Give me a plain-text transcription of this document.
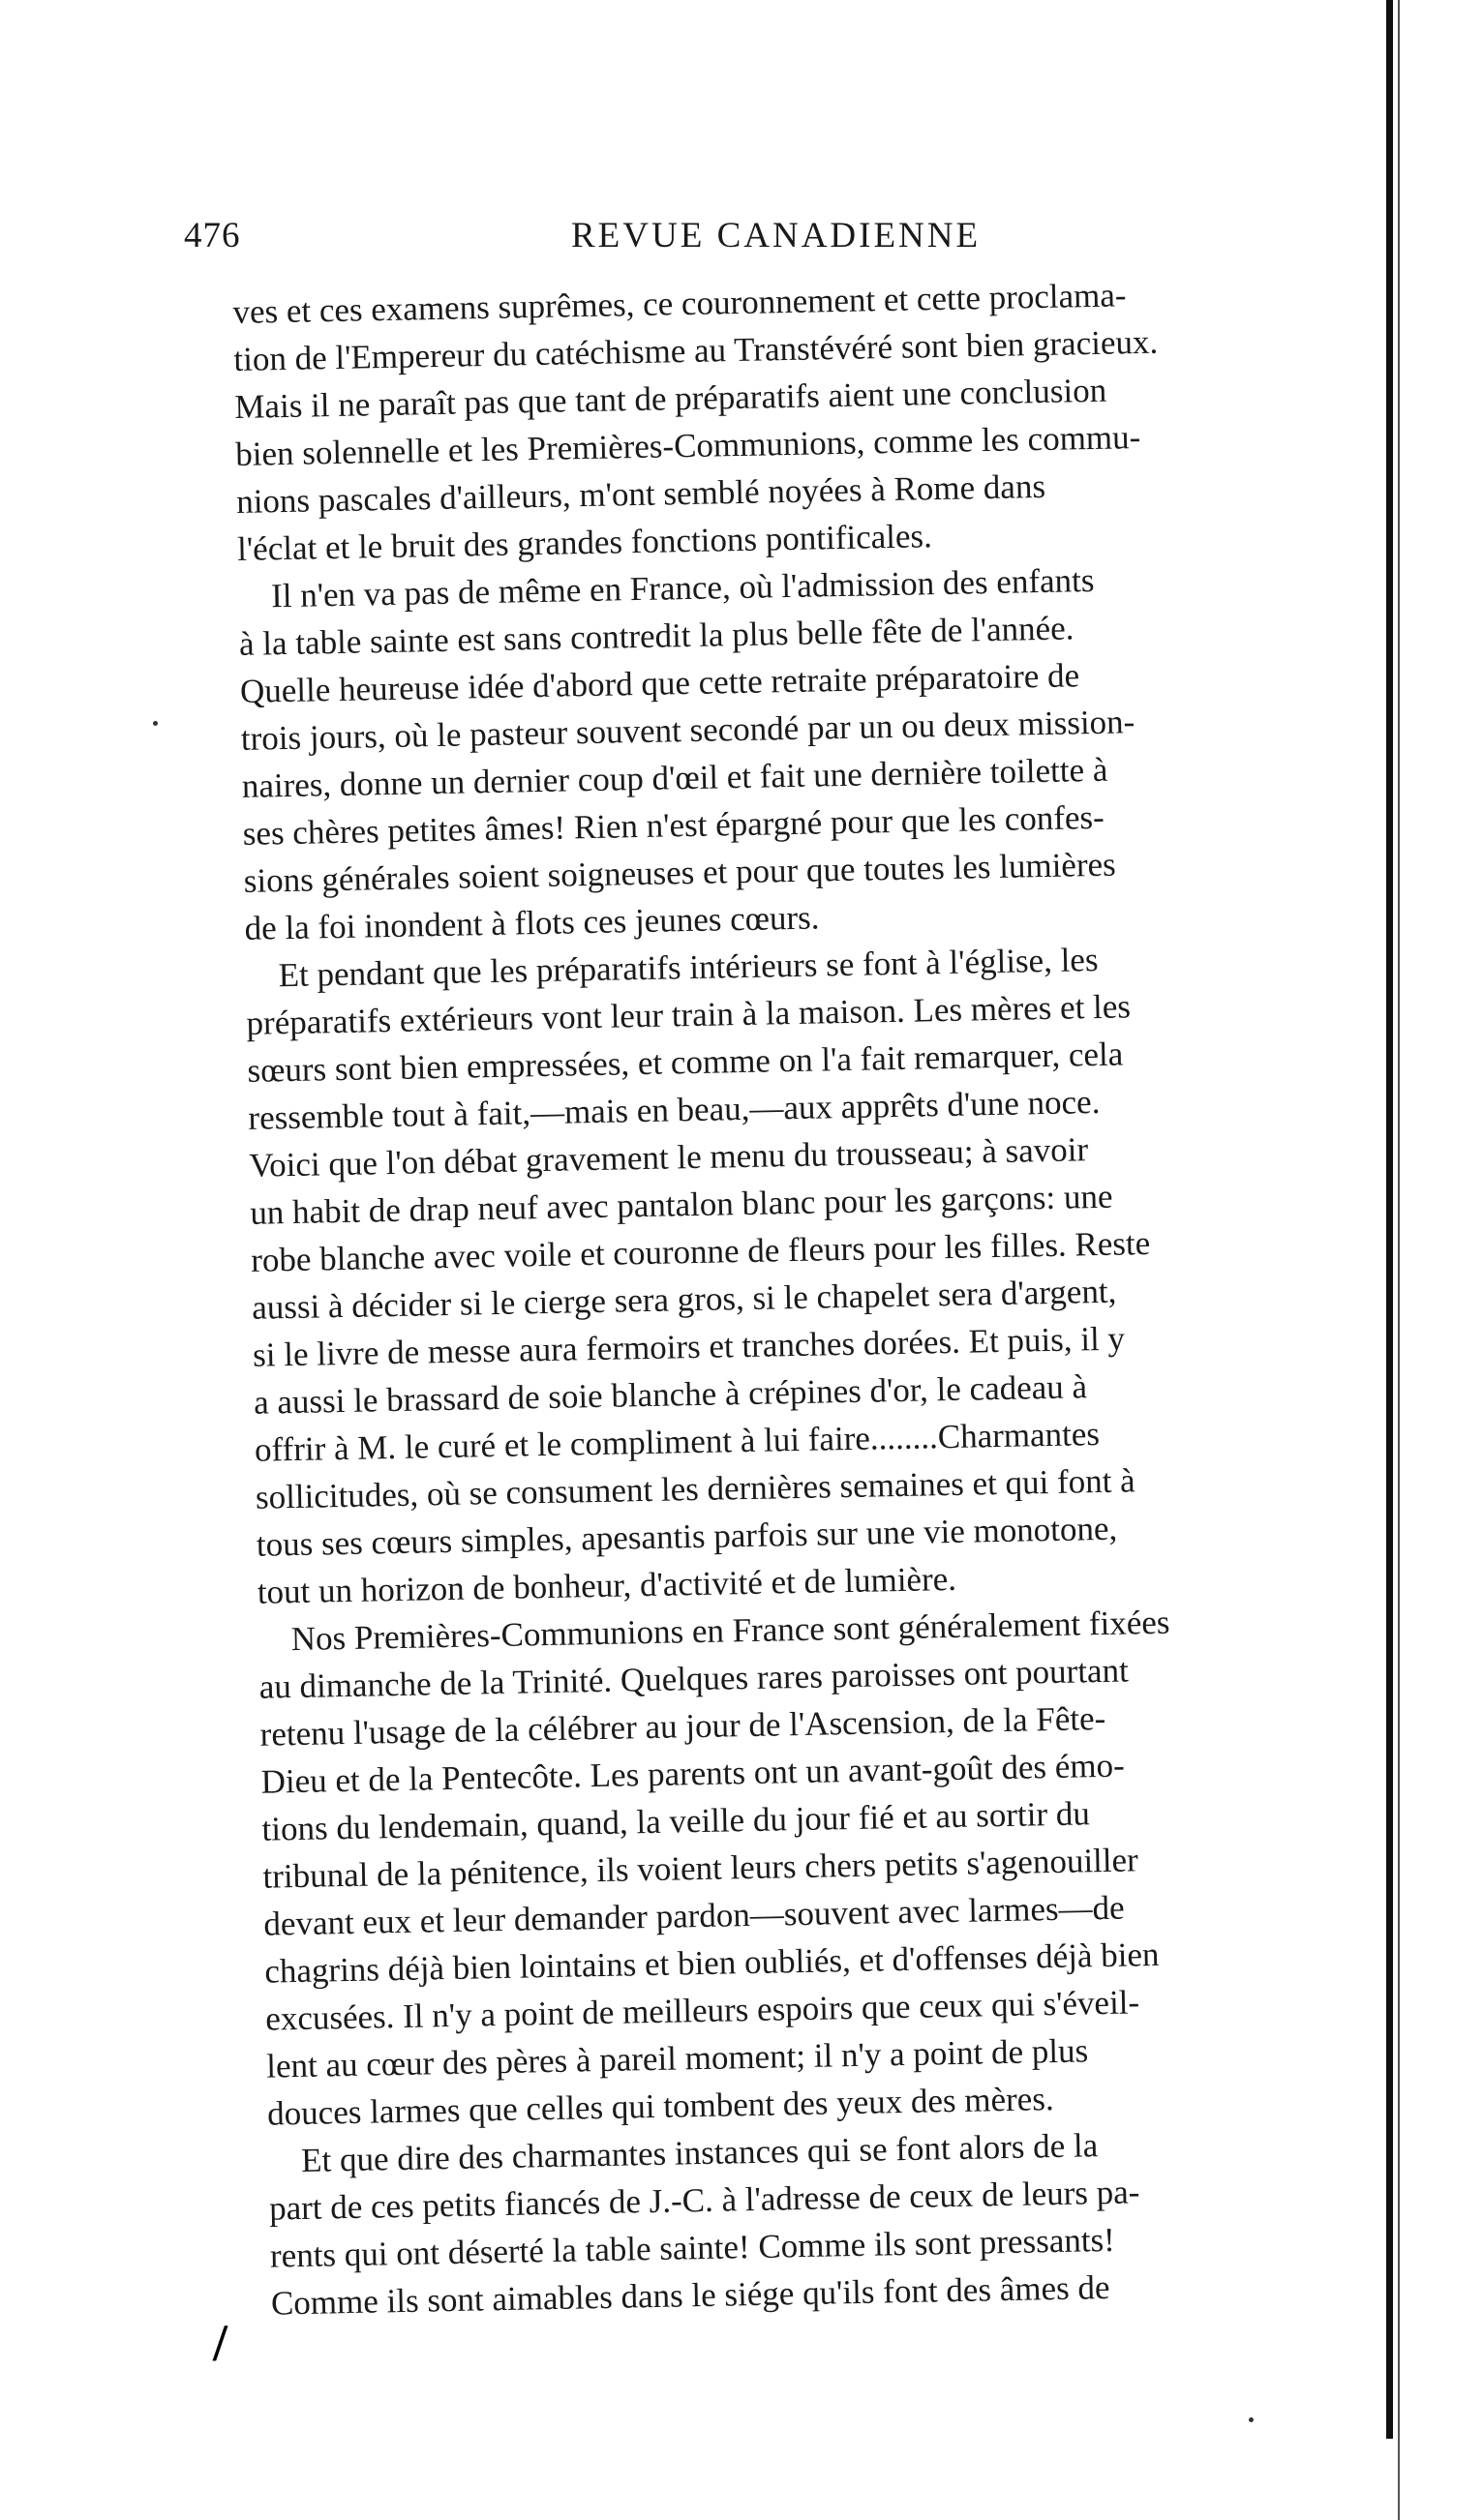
476	REVUE CANADIENNE
ves et ces examens suprêmes, ce couronnement et cette proclama-
tion de l'Empereur du catéchisme au Transtévéré sont bien gracieux.
Mais il ne paraît pas que tant de préparatifs aient une conclusion
bien solennelle et les Premières-Communions, comme les commu-
nions pascales d'ailleurs, m'ont semblé noyées à Rome dans
l'éclat et le bruit des grandes fonctions pontificales.
Il n'en va pas de même en France, où l'admission des enfants
à la table sainte est sans contredit la plus belle fête de l'année.
Quelle heureuse idée d'abord que cette retraite préparatoire de
trois jours, où le pasteur souvent secondé par un ou deux mission-
naires, donne un dernier coup d'œil et fait une dernière toilette à
ses chères petites âmes! Rien n'est épargné pour que les confes-
sions générales soient soigneuses et pour que toutes les lumières
de la foi inondent à flots ces jeunes cœurs.
Et pendant que les préparatifs intérieurs se font à l'église, les
préparatifs extérieurs vont leur train à la maison. Les mères et les
sœurs sont bien empressées, et comme on l'a fait remarquer, cela
ressemble tout à fait,—mais en beau,—aux apprêts d'une noce.
Voici que l'on débat gravement le menu du trousseau; à savoir
un habit de drap neuf avec pantalon blanc pour les garçons: une
robe blanche avec voile et couronne de fleurs pour les filles. Reste
aussi à décider si le cierge sera gros, si le chapelet sera d'argent,
si le livre de messe aura fermoirs et tranches dorées. Et puis, il y
a aussi le brassard de soie blanche à crépines d'or, le cadeau à
offrir à M. le curé et le compliment à lui faire........Charmantes
sollicitudes, où se consument les dernières semaines et qui font à
tous ses cœurs simples, apesantis parfois sur une vie monotone,
tout un horizon de bonheur, d'activité et de lumière.
Nos Premières-Communions en France sont généralement fixées
au dimanche de la Trinité. Quelques rares paroisses ont pourtant
retenu l'usage de la célébrer au jour de l'Ascension, de la Fête-
Dieu et de la Pentecôte. Les parents ont un avant-goût des émo-
tions du lendemain, quand, la veille du jour fié et au sortir du
tribunal de la pénitence, ils voient leurs chers petits s'agenouiller
devant eux et leur demander pardon—souvent avec larmes—de
chagrins déjà bien lointains et bien oubliés, et d'offenses déjà bien
excusées. Il n'y a point de meilleurs espoirs que ceux qui s'éveil-
lent au cœur des pères à pareil moment; il n'y a point de plus
douces larmes que celles qui tombent des yeux des mères.
Et que dire des charmantes instances qui se font alors de la
part de ces petits fiancés de J.-C. à l'adresse de ceux de leurs pa-
rents qui ont déserté la table sainte! Comme ils sont pressants!
Comme ils sont aimables dans le siége qu'ils font des âmes de
/
